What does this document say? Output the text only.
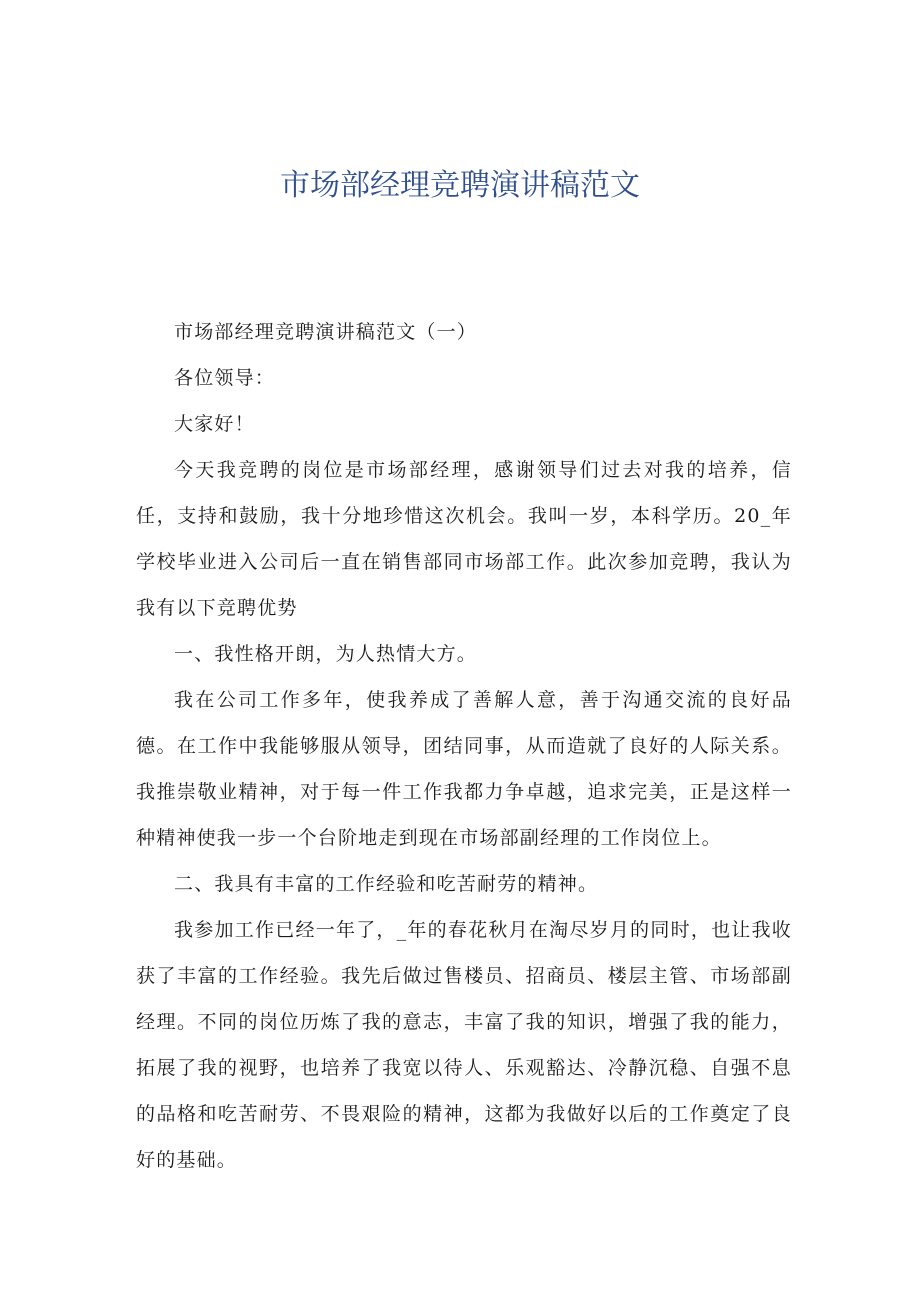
市场部经理竞聘演讲稿范文

市场部经理竞聘演讲稿范文（一）

各位领导：

大家好！

今天我竞聘的岗位是市场部经理，感谢领导们过去对我的培养，信任，支持和鼓励，我十分地珍惜这次机会。我叫一岁，本科学历。20_年学校毕业进入公司后一直在销售部同市场部工作。此次参加竞聘，我认为我有以下竞聘优势

一、我性格开朗，为人热情大方。

我在公司工作多年，使我养成了善解人意，善于沟通交流的良好品德。在工作中我能够服从领导，团结同事，从而造就了良好的人际关系。我推崇敬业精神，对于每一件工作我都力争卓越，追求完美，正是这样一种精神使我一步一个台阶地走到现在市场部副经理的工作岗位上。

二、我具有丰富的工作经验和吃苦耐劳的精神。

我参加工作已经一年了，_年的春花秋月在淘尽岁月的同时，也让我收获了丰富的工作经验。我先后做过售楼员、招商员、楼层主管、市场部副经理。不同的岗位历炼了我的意志，丰富了我的知识，增强了我的能力，拓展了我的视野，也培养了我宽以待人、乐观豁达、冷静沉稳、自强不息的品格和吃苦耐劳、不畏艰险的精神，这都为我做好以后的工作奠定了良好的基础。
